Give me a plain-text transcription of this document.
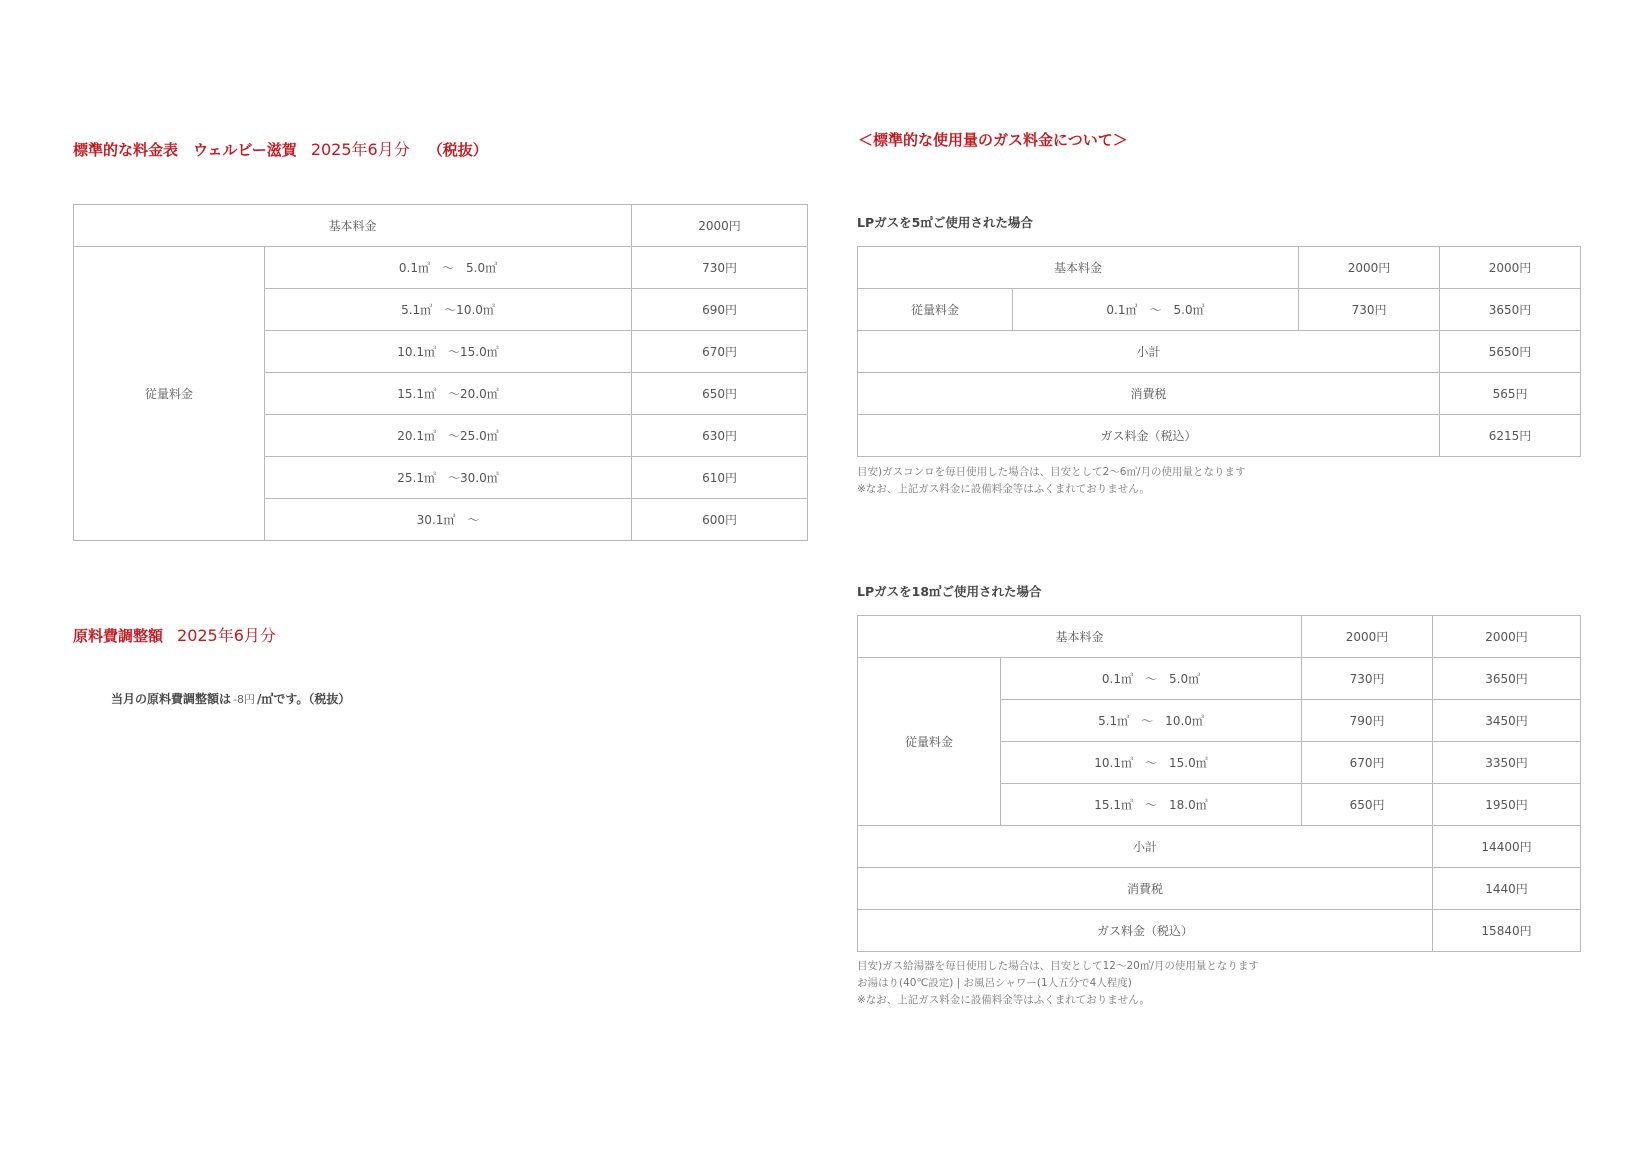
標準的な料金表　ウェルビー滋賀 2025年6月分 （税抜）
基本料金		2000円
従量料金	0.1㎥　～　5.0㎥	730円
	5.1㎥　～10.0㎥	690円
	10.1㎥　～15.0㎥	670円
	15.1㎥　～20.0㎥	650円
	20.1㎥　～25.0㎥	630円
	25.1㎥　～30.0㎥	610円
	30.1㎥　～	600円
原料費調整額 2025年6月分
当月の原料費調整額は -8円 /㎥です。（税抜）
＜標準的な使用量のガス料金について＞
LPガスを5㎥ご使用された場合
基本料金		2000円	2000円
従量料金	0.1㎥　～　5.0㎥	730円	3650円
小計			5650円
消費税			565円
ガス料金（税込）			6215円
目安)ガスコンロを毎日使用した場合は、目安として2～6㎥/月の使用量となります
※なお、上記ガス料金に設備料金等はふくまれておりません。
LPガスを18㎥ご使用された場合
基本料金		2000円	2000円
従量料金	0.1㎥　～　5.0㎥	730円	3650円
	5.1㎥　～　10.0㎥	790円	3450円
	10.1㎥　～　15.0㎥	670円	3350円
	15.1㎥　～　18.0㎥	650円	1950円
小計			14400円
消費税			1440円
ガス料金（税込）			15840円
目安)ガス給湯器を毎日使用した場合は、目安として12～20㎥/月の使用量となります
お湯はり(40℃設定) | お風呂シャワー(1人五分で4人程度)
※なお、上記ガス料金に設備料金等はふくまれておりません。
